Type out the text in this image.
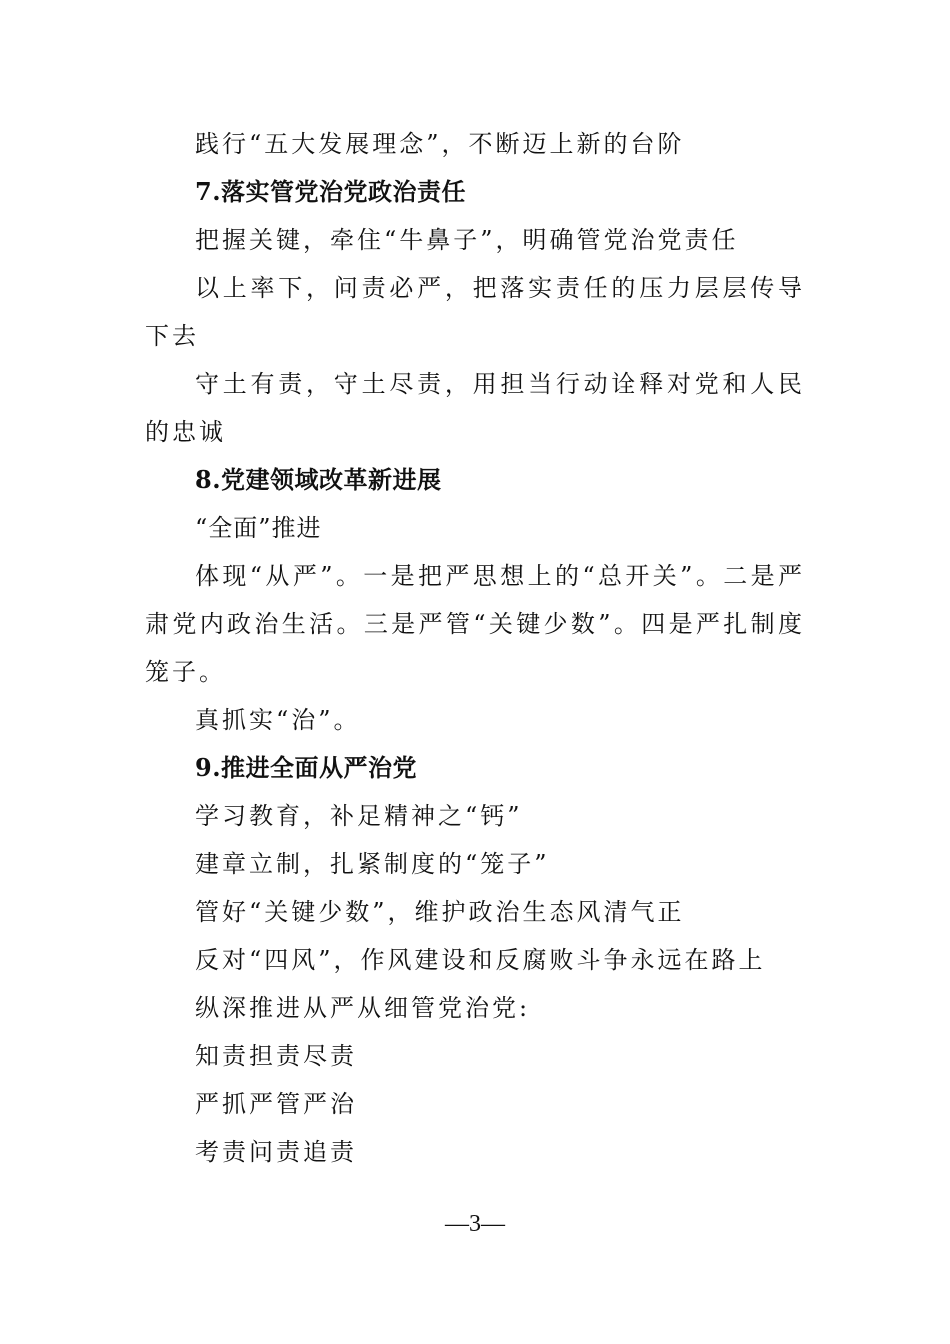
践行“五大发展理念”，不断迈上新的台阶

7.落实管党治党政治责任

把握关键，牵住“牛鼻子”，明确管党治党责任

以上率下，问责必严，把落实责任的压力层层传导下去

守土有责，守土尽责，用担当行动诠释对党和人民的忠诚

8.党建领域改革新进展

“全面”推进

体现“从严”。一是把严思想上的“总开关”。二是严肃党内政治生活。三是严管“关键少数”。四是严扎制度笼子。

真抓实“治”。

9.推进全面从严治党

学习教育，补足精神之“钙”

建章立制，扎紧制度的“笼子”

管好“关键少数”，维护政治生态风清气正

反对“四风”，作风建设和反腐败斗争永远在路上

纵深推进从严从细管党治党:

知责担责尽责

严抓严管严治

考责问责追责

—3—
